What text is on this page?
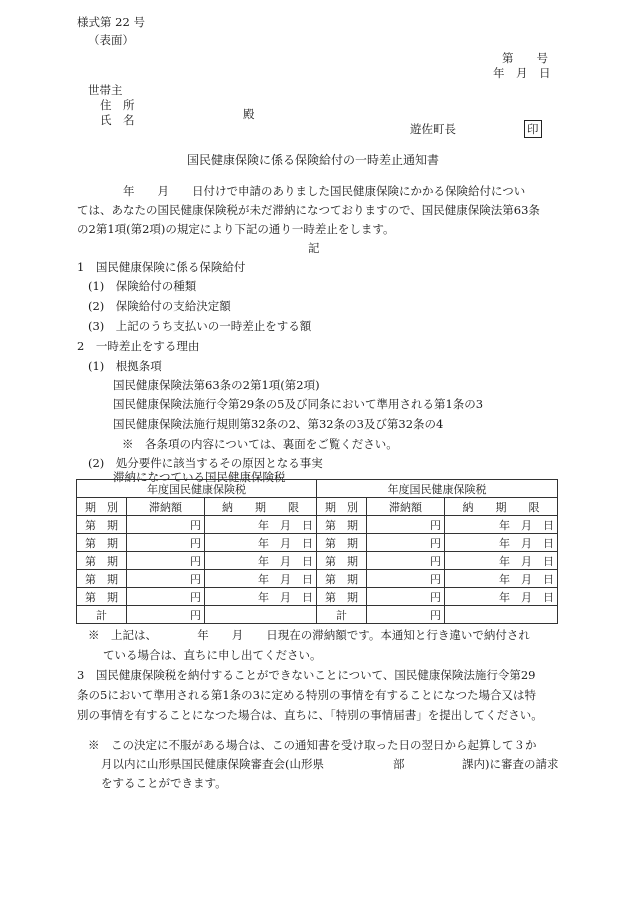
様式第 22 号
（表面）
第　　号
年　月　日
世帯主
住　所
氏　名	殿
遊佐町長	印
国民健康保険に係る保険給付の一時差止通知書
　　　　年　　月　　日付けで申請のありました国民健康保険にかかる保険給付につい
ては、あなたの国民健康保険税が未だ滞納になつておりますので、国民健康保険法第63条
の2第1項(第2項)の規定により下記の通り一時差止をします。
記
1　国民健康保険に係る保険給付
(1)　保険給付の種類
(2)　保険給付の支給決定額
(3)　上記のうち支払いの一時差止をする額
2　一時差止をする理由
(1)　根拠条項
国民健康保険法第63条の2第1項(第2項)
国民健康保険法施行令第29条の5及び同条において準用される第1条の3
国民健康保険法施行規則第32条の2、第32条の3及び第32条の4
※　各条項の内容については、裏面をご覧ください。
(2)　処分要件に該当するその原因となる事実
滞納になつている国民健康保険税
年度国民健康保険税			年度国民健康保険税		
期　別	滞納額	納　　期　　限	期　別	滞納額	納　　期　　限
第　期	円	年　月　日	第　期	円	年　月　日
第　期	円	年　月　日	第　期	円	年　月　日
第　期	円	年　月　日	第　期	円	年　月　日
第　期	円	年　月　日	第　期	円	年　月　日
第　期	円	年　月　日	第　期	円	年　月　日
計	円		計	円	
※　上記は、　　　　年　　月　　日現在の滞納額です。本通知と行き違いで納付され
ている場合は、直ちに申し出てください。
3　国民健康保険税を納付することができないことについて、国民健康保険法施行令第29
条の5において準用される第1条の3に定める特別の事情を有することになつた場合又は特
別の事情を有することになつた場合は、直ちに、「特別の事情届書」を提出してください。
※　この決定に不服がある場合は、この通知書を受け取った日の翌日から起算して３か
月以内に山形県国民健康保険審査会(山形県　　　　　　部　　　　　課内)に審査の請求
をすることができます。
